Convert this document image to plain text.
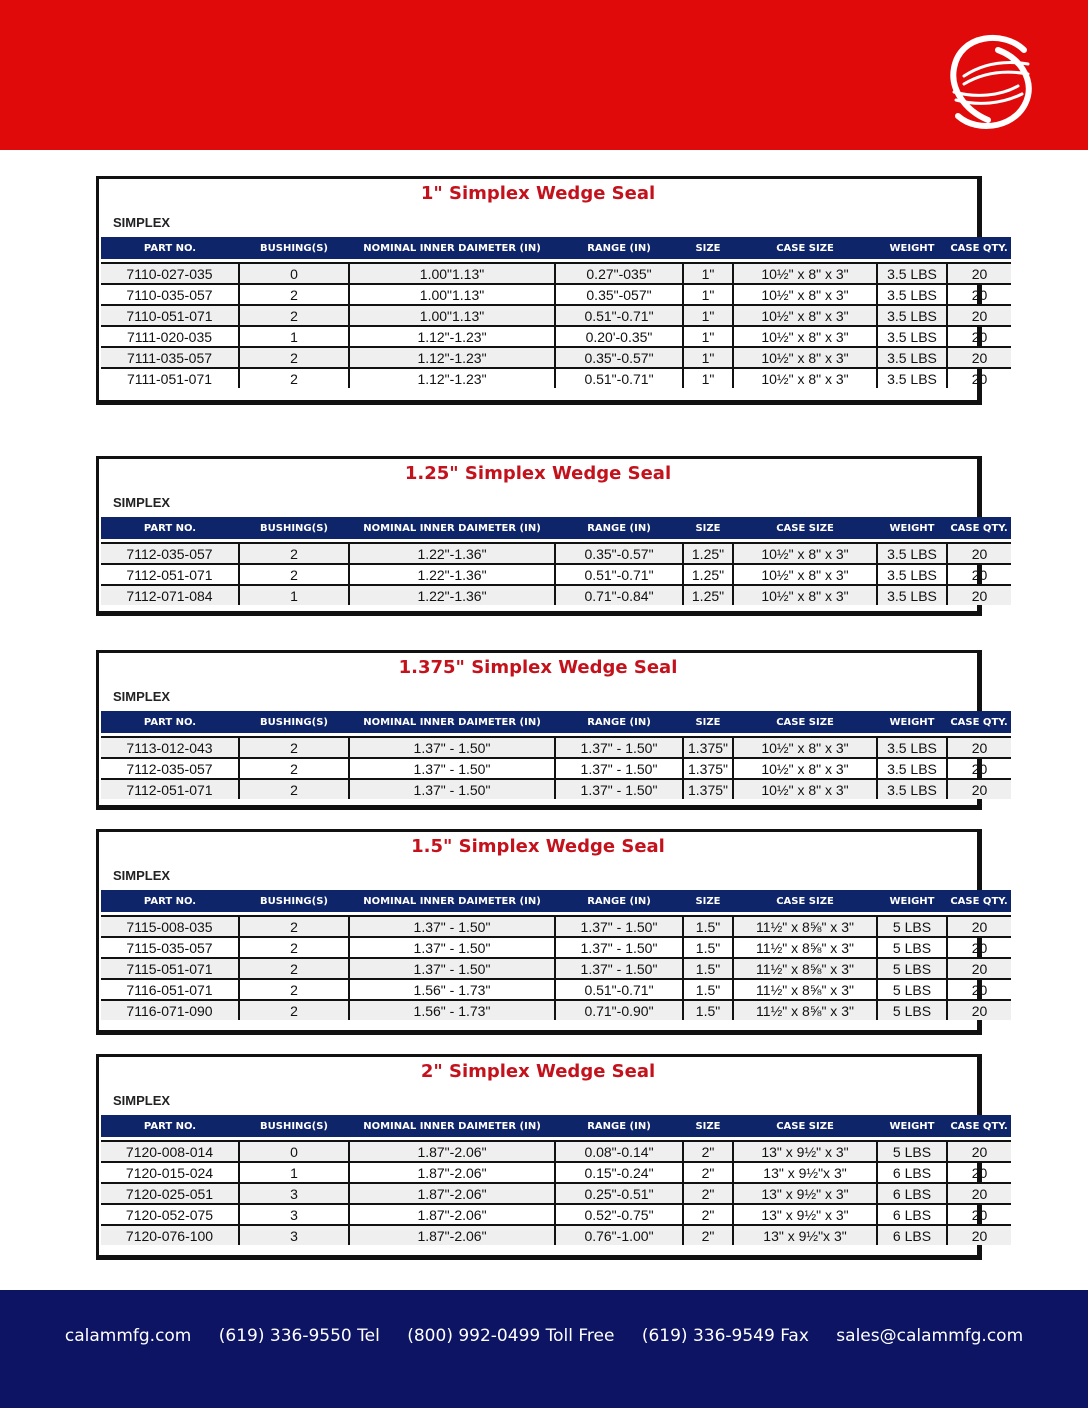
1" Simplex Wedge Seal
SIMPLEX
PART NO.	BUSHING(S)	NOMINAL INNER DAIMETER (IN)	RANGE (IN)	SIZE	CASE SIZE	WEIGHT	CASE QTY.

7110-027-035	0	1.00"1.13"	0.27"-035"	1"	10½" x 8" x 3"	3.5 LBS	20
7110-035-057	2	1.00"1.13"	0.35"-057"	1"	10½" x 8" x 3"	3.5 LBS	20
7110-051-071	2	1.00"1.13"	0.51"-0.71"	1"	10½" x 8" x 3"	3.5 LBS	20
7111-020-035	1	1.12"-1.23"	0.20'-0.35"	1"	10½" x 8" x 3"	3.5 LBS	20
7111-035-057	2	1.12"-1.23"	0.35"-0.57"	1"	10½" x 8" x 3"	3.5 LBS	20
7111-051-071	2	1.12"-1.23"	0.51"-0.71"	1"	10½" x 8" x 3"	3.5 LBS	20
1.25" Simplex Wedge Seal
SIMPLEX
PART NO.	BUSHING(S)	NOMINAL INNER DAIMETER (IN)	RANGE (IN)	SIZE	CASE SIZE	WEIGHT	CASE QTY.

7112-035-057	2	1.22"-1.36"	0.35"-0.57"	1.25"	10½" x 8" x 3"	3.5 LBS	20
7112-051-071	2	1.22"-1.36"	0.51"-0.71"	1.25"	10½" x 8" x 3"	3.5 LBS	20
7112-071-084	1	1.22"-1.36"	0.71"-0.84"	1.25"	10½" x 8" x 3"	3.5 LBS	20
1.375" Simplex Wedge Seal
SIMPLEX
PART NO.	BUSHING(S)	NOMINAL INNER DAIMETER (IN)	RANGE (IN)	SIZE	CASE SIZE	WEIGHT	CASE QTY.

7113-012-043	2	1.37" - 1.50"	1.37" - 1.50"	1.375"	10½" x 8" x 3"	3.5 LBS	20
7112-035-057	2	1.37" - 1.50"	1.37" - 1.50"	1.375"	10½" x 8" x 3"	3.5 LBS	20
7112-051-071	2	1.37" - 1.50"	1.37" - 1.50"	1.375"	10½" x 8" x 3"	3.5 LBS	20
1.5" Simplex Wedge Seal
SIMPLEX
PART NO.	BUSHING(S)	NOMINAL INNER DAIMETER (IN)	RANGE (IN)	SIZE	CASE SIZE	WEIGHT	CASE QTY.

7115-008-035	2	1.37" - 1.50"	1.37" - 1.50"	1.5"	11½" x 8⅝" x 3"	5 LBS	20
7115-035-057	2	1.37" - 1.50"	1.37" - 1.50"	1.5"	11½" x 8⅝" x 3"	5 LBS	20
7115-051-071	2	1.37" - 1.50"	1.37" - 1.50"	1.5"	11½" x 8⅝" x 3"	5 LBS	20
7116-051-071	2	1.56" - 1.73"	0.51"-0.71"	1.5"	11½" x 8⅝" x 3"	5 LBS	20
7116-071-090	2	1.56" - 1.73"	0.71"-0.90"	1.5"	11½" x 8⅝" x 3"	5 LBS	20
2" Simplex Wedge Seal
SIMPLEX
PART NO.	BUSHING(S)	NOMINAL INNER DAIMETER (IN)	RANGE (IN)	SIZE	CASE SIZE	WEIGHT	CASE QTY.

7120-008-014	0	1.87"-2.06"	0.08"-0.14"	2"	13" x 9½" x 3"	5 LBS	20
7120-015-024	1	1.87"-2.06"	0.15"-0.24"	2"	13" x 9½"x 3"	6 LBS	20
7120-025-051	3	1.87"-2.06"	0.25"-0.51"	2"	13" x 9½" x 3"	6 LBS	20
7120-052-075	3	1.87"-2.06"	0.52"-0.75"	2"	13" x 9½" x 3"	6 LBS	20
7120-076-100	3	1.87"-2.06"	0.76"-1.00"	2"	13" x 9½"x 3"	6 LBS	20
calammfg.com (619) 336-9550 Tel (800) 992-0499 Toll Free (619) 336-9549 Fax sales@calammfg.com
